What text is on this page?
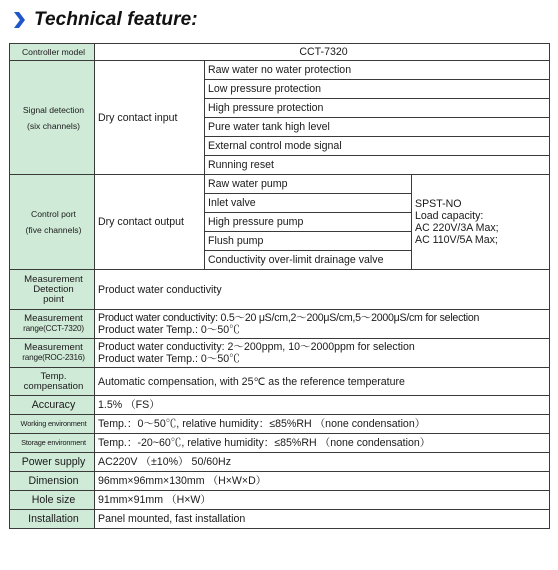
Technical feature:
Controller model	CCT-7320		

Signal detection
(six channels)	Dry contact input	Raw water no water protection	
		Low pressure protection	
		High pressure protection	
		Pure water tank high level	
		External control mode signal	
		Running reset	

Control port
(five channels)	Dry contact output	Raw water pump	SPST-NO
Load capacity:
AC 220V/3A Max;
AC 110V/5A Max;

		Inlet valve	
		High pressure pump	
		Flush pump	
		Conductivity over-limit drainage valve	

Measurement
Detection
point	Product water conductivity		

Measurement
range(CCT-7320)	Product water conductivity: 0.5～20 μS/cm,2～200μS/cm,5～2000μS/cm for selection
Product water Temp.: 0～50℃		

Measurement
range(ROC-2316)	Product water conductivity: 2～200ppm, 10～2000ppm for selection
Product water Temp.: 0～50℃		

Temp.
compensation	Automatic compensation, with 25℃ as the reference temperature		
Accuracy	1.5% （FS）		
Working environment	Temp.：0～50℃, relative humidity：≤85%RH （none condensation）		
Storage environment	Temp.：-20~60℃, relative humidity：≤85%RH （none condensation）		
Power supply	AC220V （±10%） 50/60Hz		
Dimension	96mm×96mm×130mm （H×W×D）		
Hole size	91mm×91mm （H×W）		
Installation	Panel mounted, fast installation		
